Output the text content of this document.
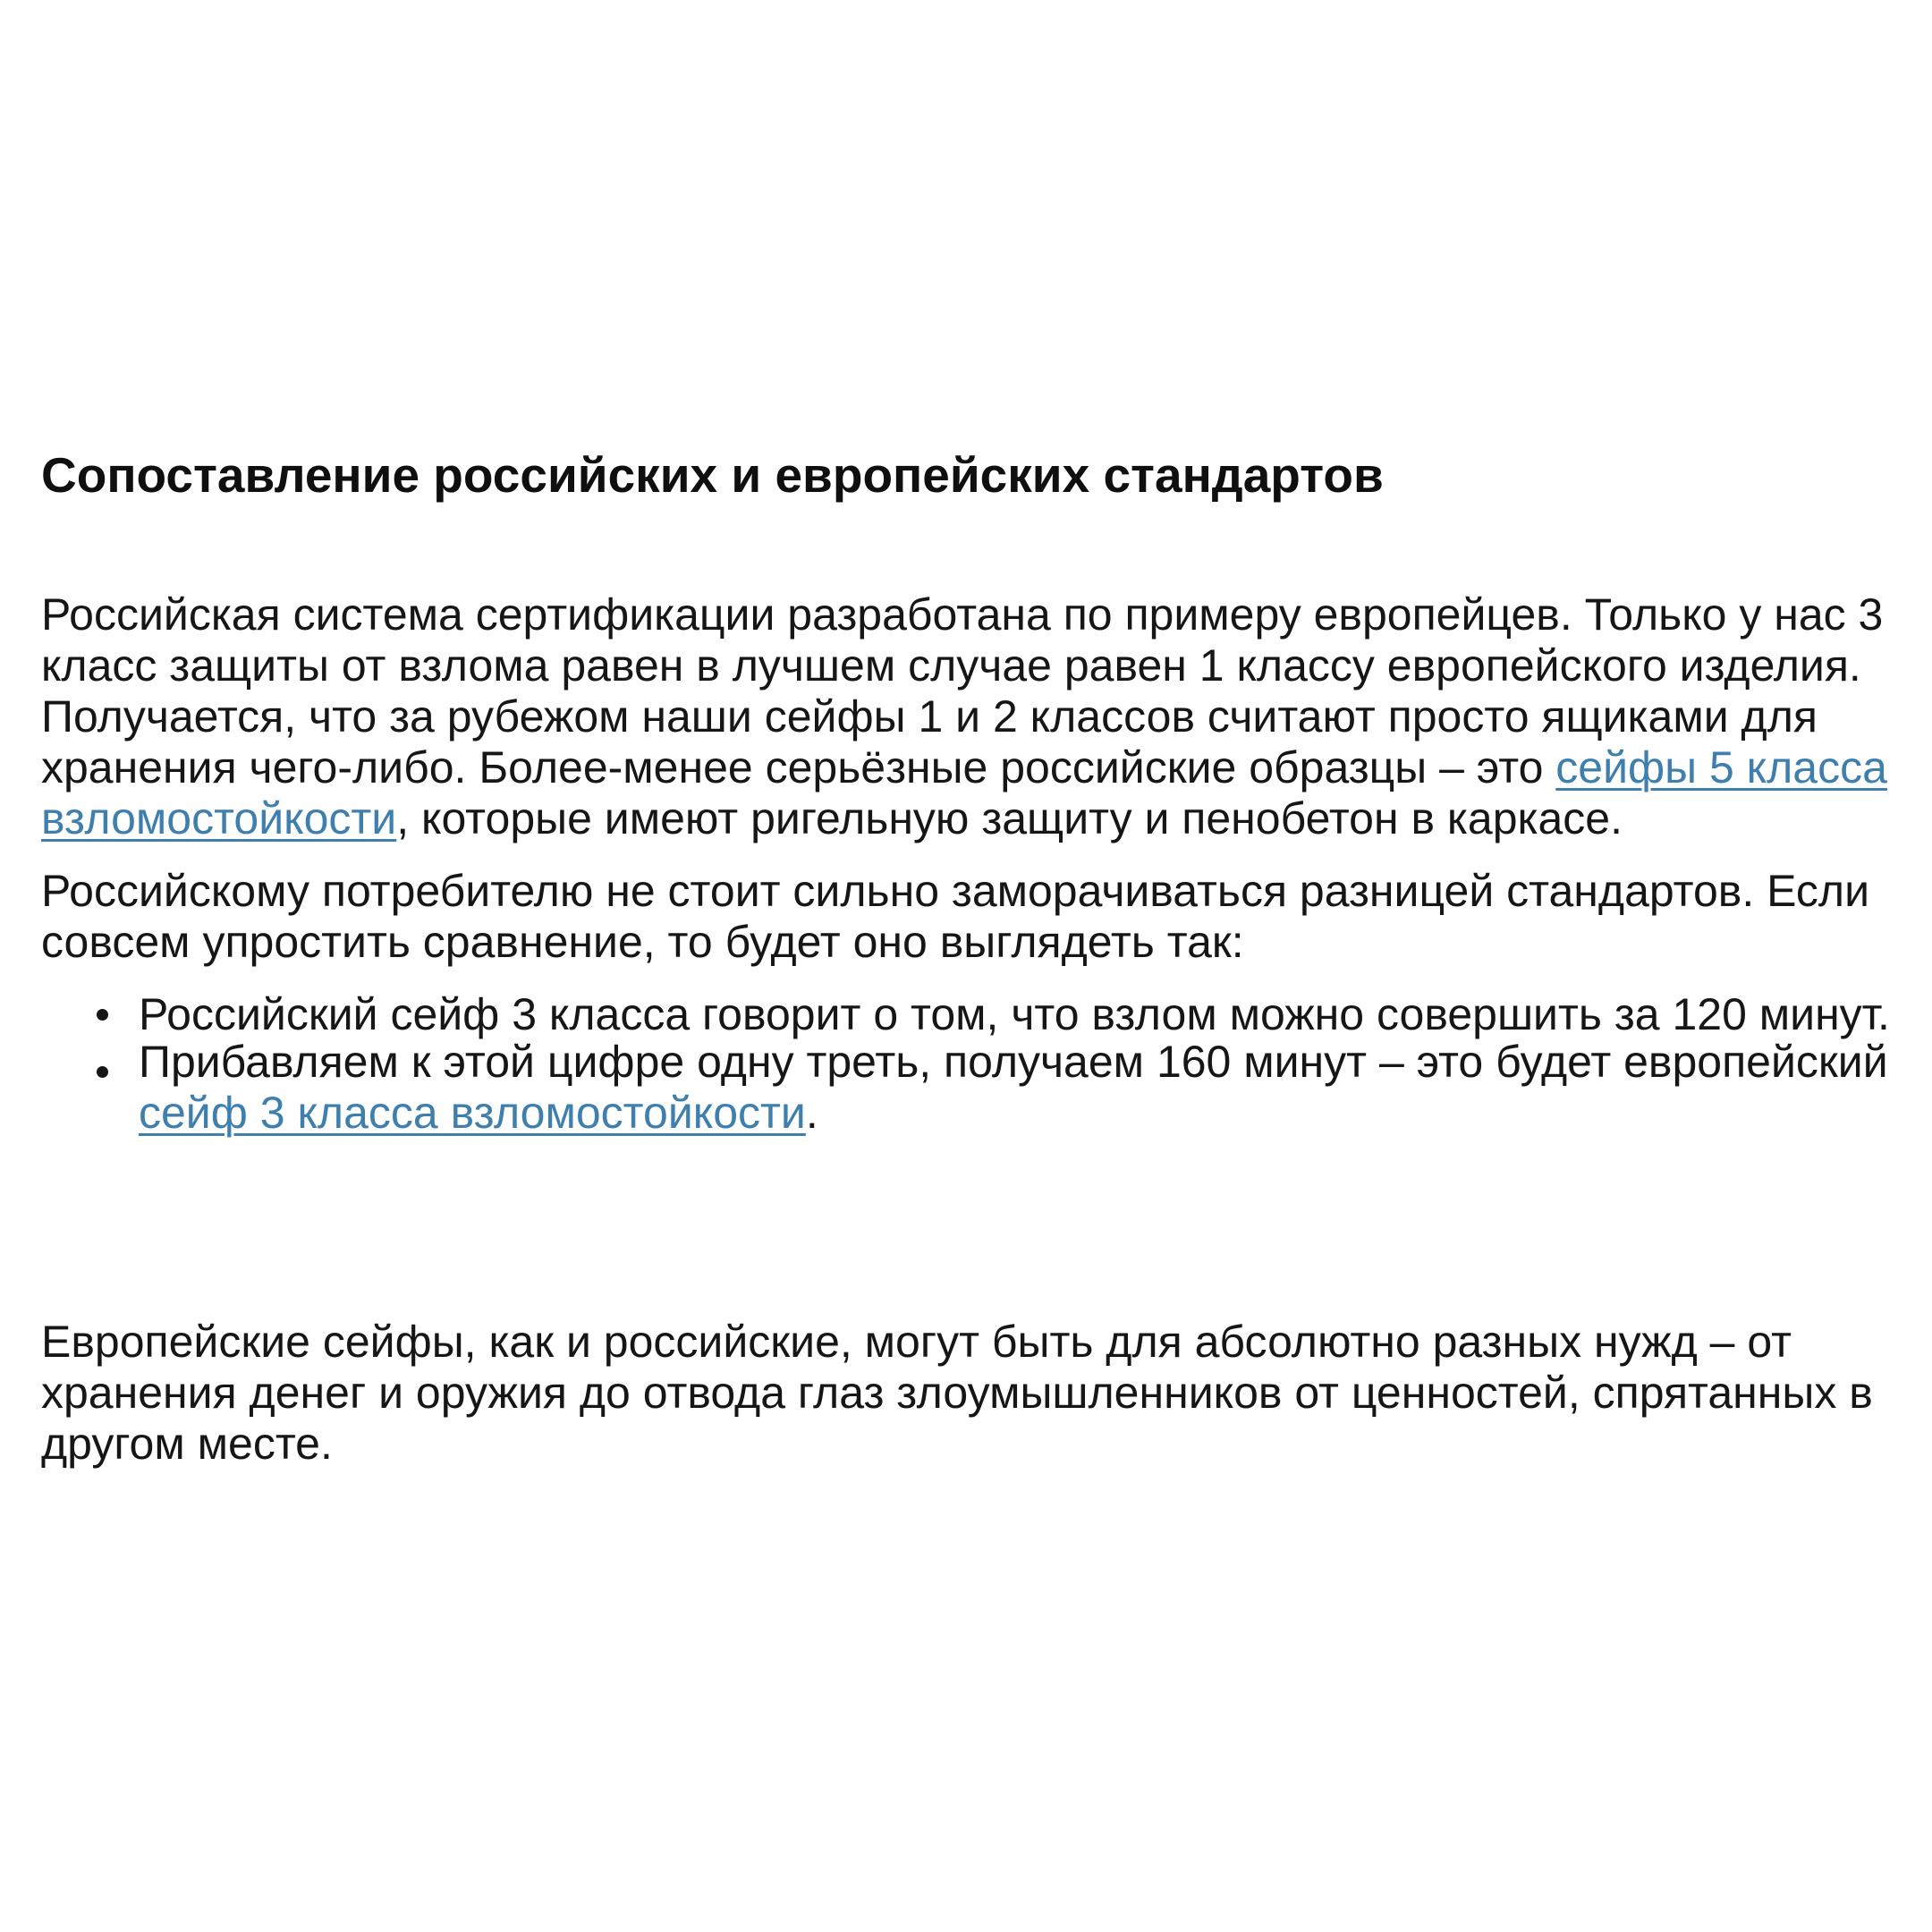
Сопоставление российских и европейских стандартов

Российская система сертификации разработана по примеру европейцев. Только у нас 3 класс защиты от взлома равен в лучшем случае равен 1 классу европейского изделия. Получается, что за рубежом наши сейфы 1 и 2 классов считают просто ящиками для хранения чего-либо. Более-менее серьёзные российские образцы – это сейфы 5 класса взломостойкости, которые имеют ригельную защиту и пенобетон в каркасе.

Российскому потребителю не стоит сильно заморачиваться разницей стандартов. Если совсем упростить сравнение, то будет оно выглядеть так:

Российский сейф 3 класса говорит о том, что взлом можно совершить за 120 минут.
Прибавляем к этой цифре одну треть, получаем 160 минут – это будет европейский сейф 3 класса взломостойкости.

Европейские сейфы, как и российские, могут быть для абсолютно разных нужд – от хранения денег и оружия до отвода глаз злоумышленников от ценностей, спрятанных в другом месте.
